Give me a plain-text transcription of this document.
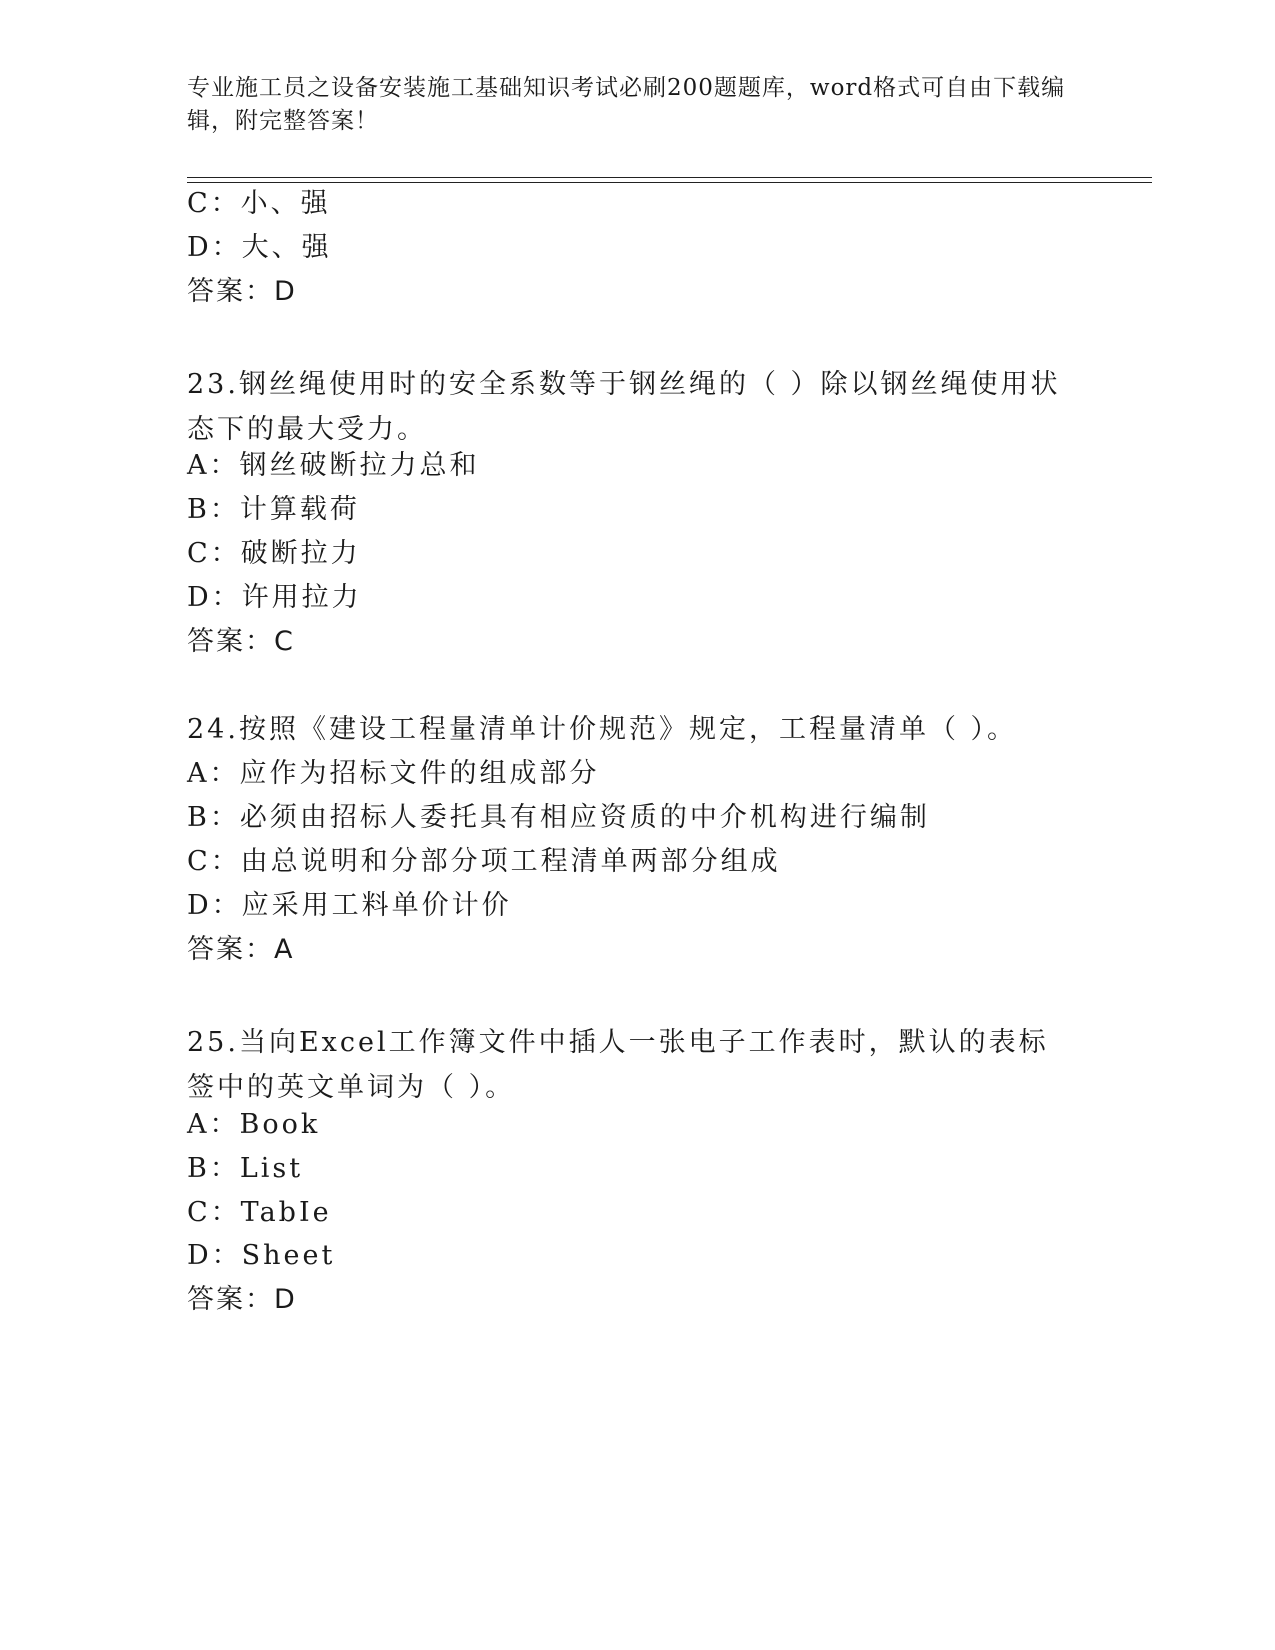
专业施工员之设备安装施工基础知识考试必刷200题题库，word格式可自由下载编辑，附完整答案！
C：小、强
D：大、强
答案：D
23.钢丝绳使用时的安全系数等于钢丝绳的（ ）除以钢丝绳使用状态下的最大受力。
A：钢丝破断拉力总和
B：计算载荷
C：破断拉力
D：许用拉力
答案：C
24.按照《建设工程量清单计价规范》规定，工程量清单（ ）。
A：应作为招标文件的组成部分
B：必须由招标人委托具有相应资质的中介机构进行编制
C：由总说明和分部分项工程清单两部分组成
D：应采用工料单价计价
答案：A
25.当向Excel工作簿文件中插人一张电子工作表时，默认的表标签中的英文单词为（ ）。
A：Book
B：List
C：TabIe
D：Sheet
答案：D
